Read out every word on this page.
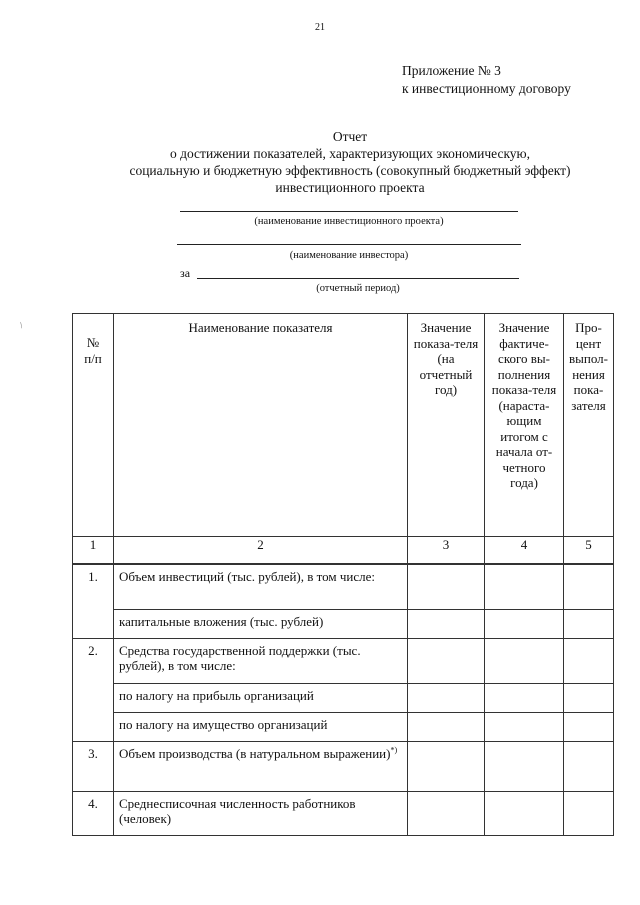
21
Приложение № 3
к инвестиционному договору
Отчет
о достижении показателей, характеризующих экономическую,
социальную и бюджетную эффективность (совокупный бюджетный эффект)
инвестиционного проекта
(наименование инвестиционного проекта)
(наименование инвестора)
за
(отчетный период)
/
№
п/п	Наименование показателя	Значение показа-теля (на отчетный год)	Значение фактиче-ского вы-полнения показа-теля (нараста-ющим итогом с начала от-четного года)	Про-цент выпол-нения пока-зателя
1	2	3	4	5
1.	Объем инвестиций (тыс. рублей), в том числе:			
	капитальные вложения (тыс. рублей)			
2.	Средства государственной поддержки (тыс. рублей), в том числе:			
	по налогу на прибыль организаций			
	по налогу на имущество организаций			
3.	Объем производства (в натуральном выражении)*)			
4.	Среднесписочная численность работников (человек)			
